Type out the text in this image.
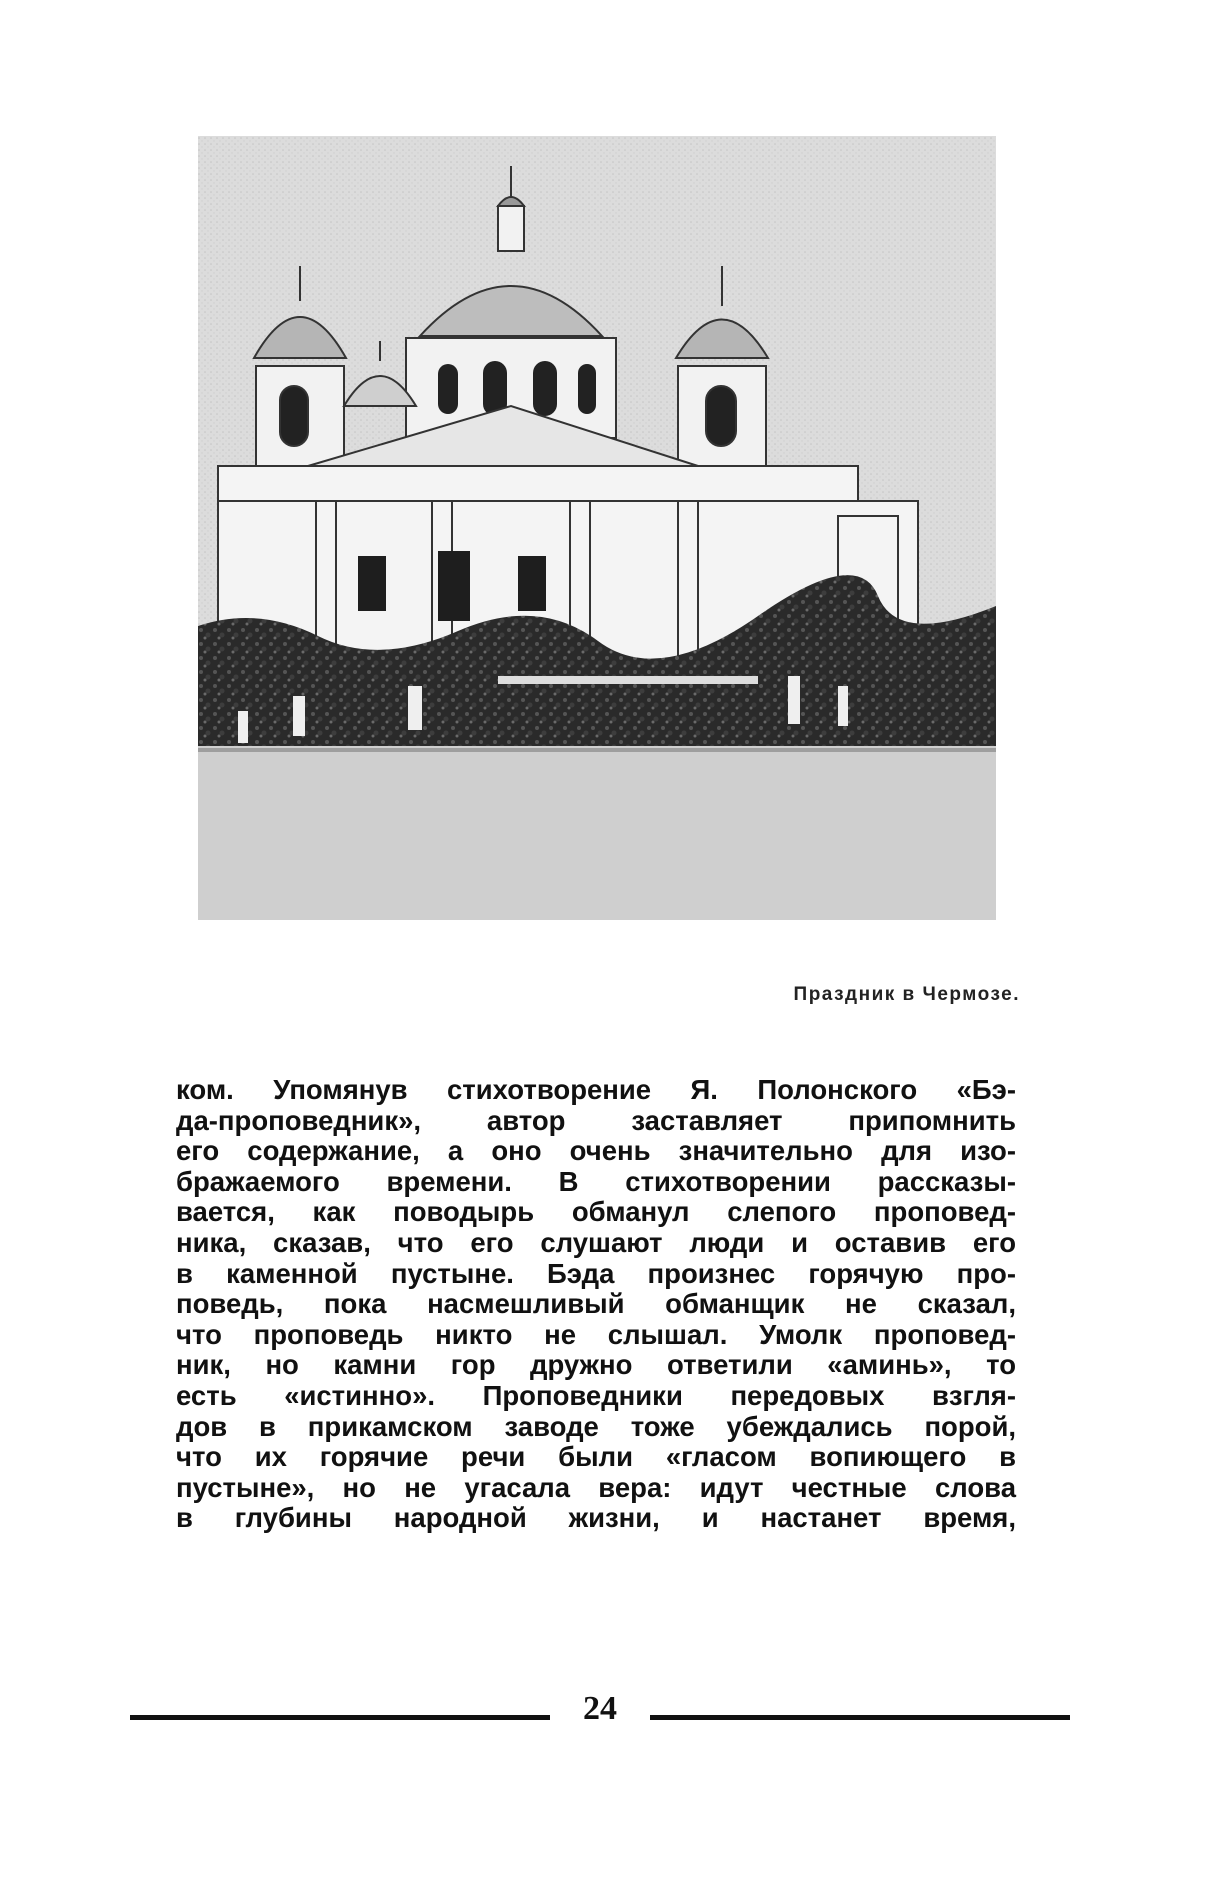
Праздник в Чермозе.
ком. Упомянув стихотворение Я. Полонского «Бэ-
да-проповедник», автор заставляет припомнить
его содержание, а оно очень значительно для изо-
бражаемого времени. В стихотворении рассказы-
вается, как поводырь обманул слепого проповед-
ника, сказав, что его слушают люди и оставив его
в каменной пустыне. Бэда произнес горячую про-
поведь, пока насмешливый обманщик не сказал,
что проповедь никто не слышал. Умолк проповед-
ник, но камни гор дружно ответили «аминь», то
есть «истинно». Проповедники передовых взгля-
дов в прикамском заводе тоже убеждались порой,
что их горячие речи были «гласом вопиющего в
пустыне», но не угасала вера: идут честные слова
в глубины народной жизни, и настанет время,
24
